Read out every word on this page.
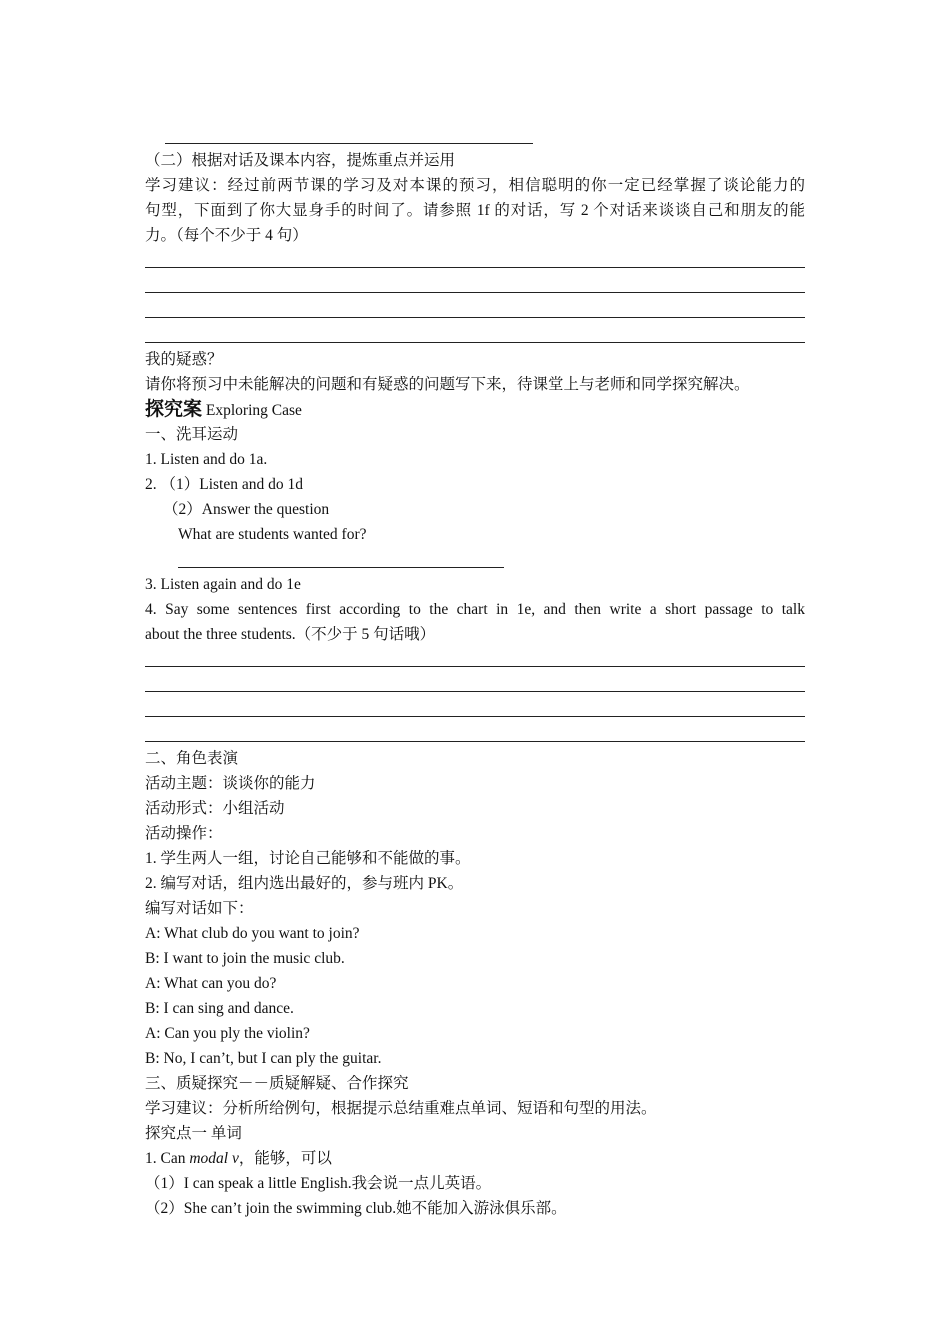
（二）根据对话及课本内容，提炼重点并运用
学习建议：经过前两节课的学习及对本课的预习，相信聪明的你一定已经掌握了谈论能力的
句型，下面到了你大显身手的时间了。请参照 1f 的对话，写 2 个对话来谈谈自己和朋友的能
力。（每个不少于 4 句）
我的疑惑？
请你将预习中未能解决的问题和有疑惑的问题写下来，待课堂上与老师和同学探究解决。
探究案 Exploring Case
一、洗耳运动
1. Listen and do 1a.
2. （1）Listen and do 1d
（2）Answer the question
What are students wanted for?
3. Listen again and do 1e
4. Say some sentences first according to the chart in 1e, and then write a short passage to talk
about the three students.（不少于 5 句话哦）
二、角色表演
活动主题：谈谈你的能力
活动形式：小组活动
活动操作：
1. 学生两人一组，讨论自己能够和不能做的事。
2. 编写对话，组内选出最好的，参与班内 PK。
编写对话如下：
A: What club do you want to join?
B: I want to join the music club.
A: What can you do?
B: I can sing and dance.
A: Can you ply the violin?
B: No, I can’t, but I can ply the guitar.
三、质疑探究－－质疑解疑、合作探究
学习建议：分析所给例句，根据提示总结重难点单词、短语和句型的用法。
探究点一 单词
1. Can modal v，能够，可以
（1）I can speak a little English.我会说一点儿英语。
（2）She can’t join the swimming club.她不能加入游泳俱乐部。
